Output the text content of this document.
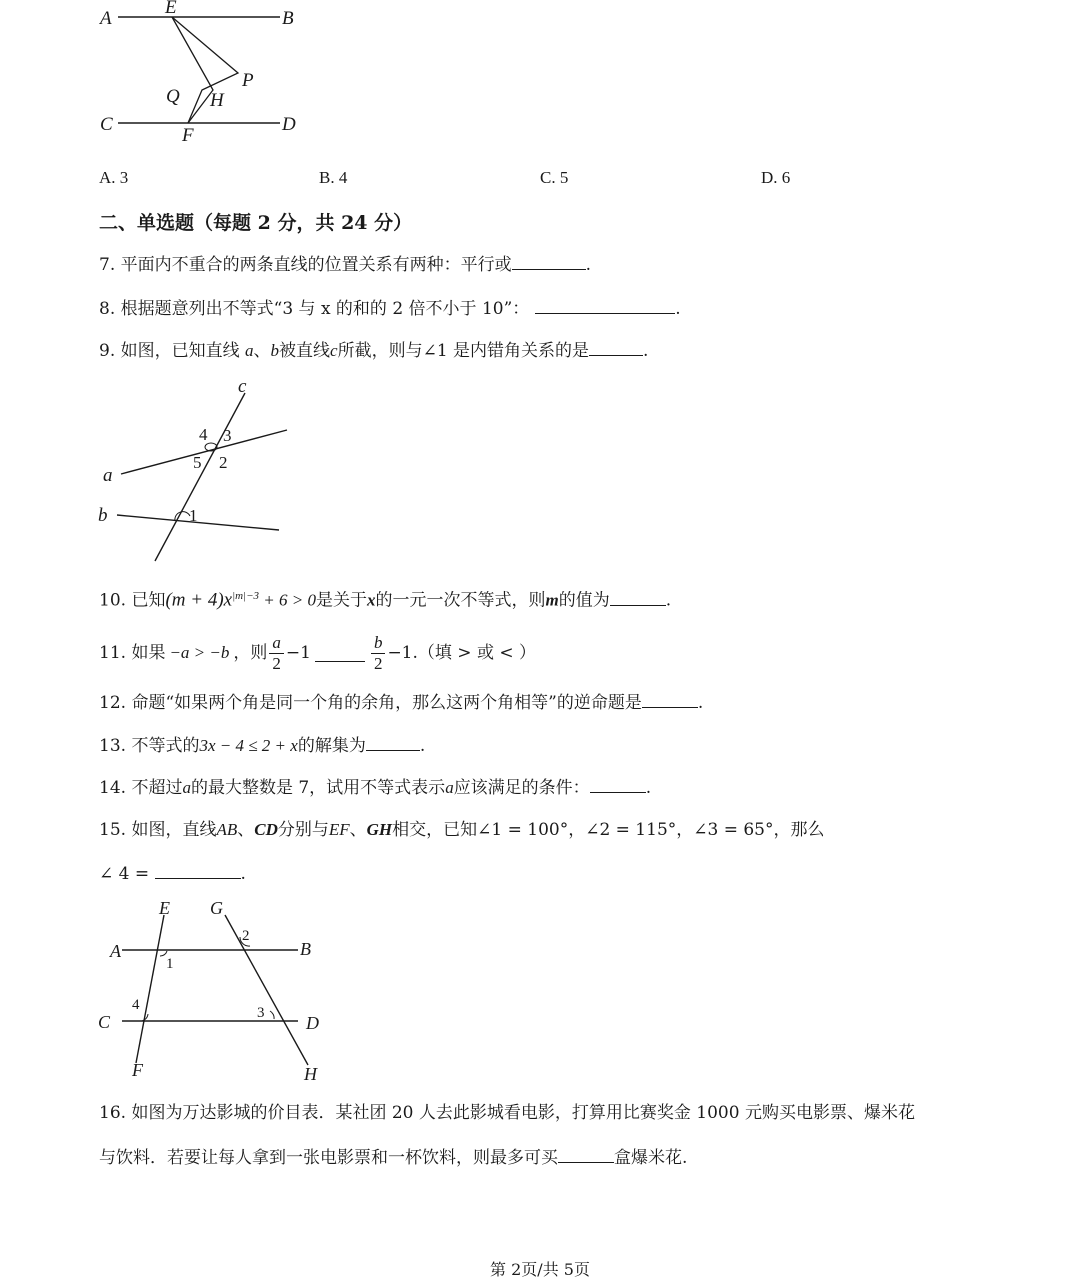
A
E
B
P
Q H
C
F
D
A. 3	B. 4	C. 5	D. 6
二、单选题（每题 2 分，共 24 分）
7. 平面内不重合的两条直线的位置关系有两种：平行或	.
8. 根据题意列出不等式“3 与 x 的和的 2 倍不小于 10”：	.
9. 如图，已知直线 a、b被直线c所截，则与∠1 是内错角关系的是	.
c
a
b
4 3
5 2
1
10. 已知$(m + 4)x^{|m|-3} + 6 > 0$是关于x的一元一次不等式，则m的值为	.
11. 如果 −a > −b ，则 $\frac{a}{2} -1$	$\frac{b}{2} -1$ .（填 > 或 < ）
12. 命题“如果两个角是同一个角的余角，那么这两个角相等”的逆命题是	.
13. 不等式的3x − 4 ≤ 2 + x的解集为	.
14. 不超过a的最大整数是 7，试用不等式表示a应该满足的条件：	.
15. 如图，直线AB、CD分别与EF、GH相交，已知∠1 = 100°，∠2 = 115°，∠3 = 65°，那么
∠ 4 =	.
E G
A	B
C	D
F	H
1
2
3
4
16. 如图为万达影城的价目表．某社团 20 人去此影城看电影，打算用比赛奖金 1000 元购买电影票、爆米花
与饮料．若要让每人拿到一张电影票和一杯饮料，则最多可买	盒爆米花.
第 2页/共 5页
